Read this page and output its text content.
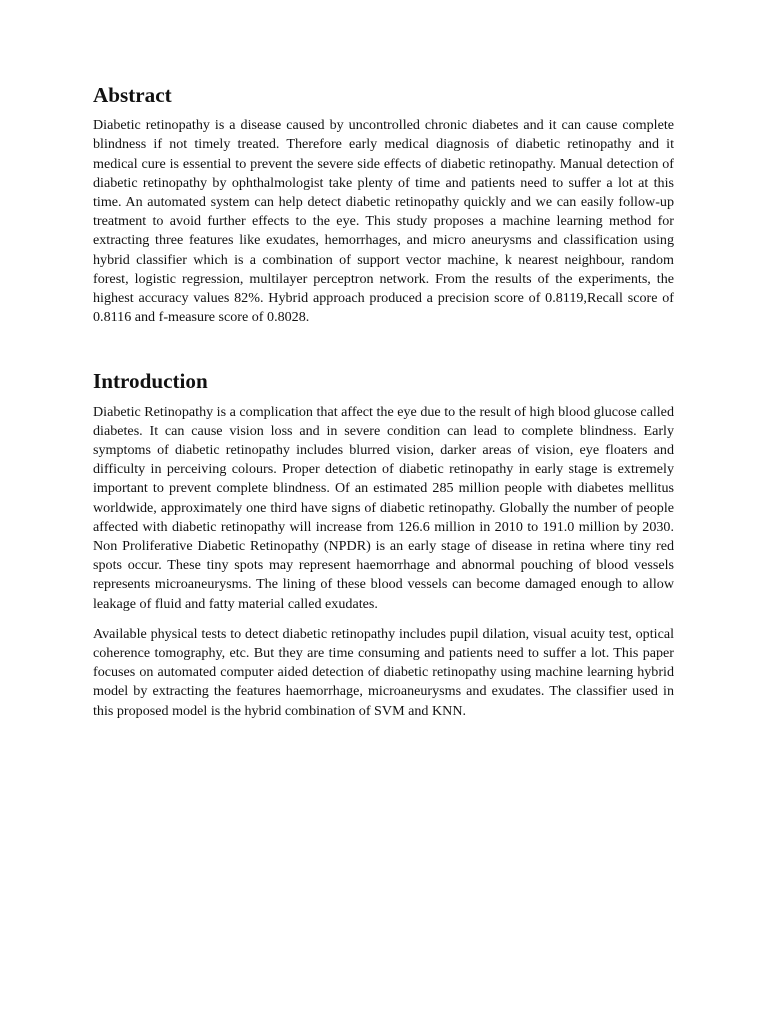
Abstract

Diabetic retinopathy is a disease caused by uncontrolled chronic diabetes and it can cause complete blindness if not timely treated. Therefore early medical diagnosis of diabetic retinopathy and it medical cure is essential to prevent the severe side effects of diabetic retinopathy. Manual detection of diabetic retinopathy by ophthalmologist take plenty of time and patients need to suffer a lot at this time. An automated system can help detect diabetic retinopathy quickly and we can easily follow-up treatment to avoid further effects to the eye. This study proposes a machine learning method for extracting three features like exudates, hemorrhages, and micro aneurysms and classification using hybrid classifier which is a combination of support vector machine, k nearest neighbour, random forest, logistic regression, multilayer perceptron network. From the results of the experiments, the highest accuracy values 82%. Hybrid approach produced a precision score of 0.8119,Recall score of 0.8116 and f-measure score of 0.8028.

Introduction

Diabetic Retinopathy is a complication that affect the eye due to the result of high blood glucose called diabetes. It can cause vision loss and in severe condition can lead to complete blindness. Early symptoms of diabetic retinopathy includes blurred vision, darker areas of vision, eye floaters and difficulty in perceiving colours. Proper detection of diabetic retinopathy in early stage is extremely important to prevent complete blindness. Of an estimated 285 million people with diabetes mellitus worldwide, approximately one third have signs of diabetic retinopathy. Globally the number of people affected with diabetic retinopathy will increase from 126.6 million in 2010 to 191.0 million by 2030. Non Proliferative Diabetic Retinopathy (NPDR) is an early stage of disease in retina where tiny red spots occur. These tiny spots may represent haemorrhage and abnormal pouching of blood vessels represents microaneurysms. The lining of these blood vessels can become damaged enough to allow leakage of fluid and fatty material called exudates.

Available physical tests to detect diabetic retinopathy includes pupil dilation, visual acuity test, optical coherence tomography, etc. But they are time consuming and patients need to suffer a lot. This paper focuses on automated computer aided detection of diabetic retinopathy using machine learning hybrid model by extracting the features haemorrhage, microaneurysms and exudates. The classifier used in this proposed model is the hybrid combination of SVM and KNN.
